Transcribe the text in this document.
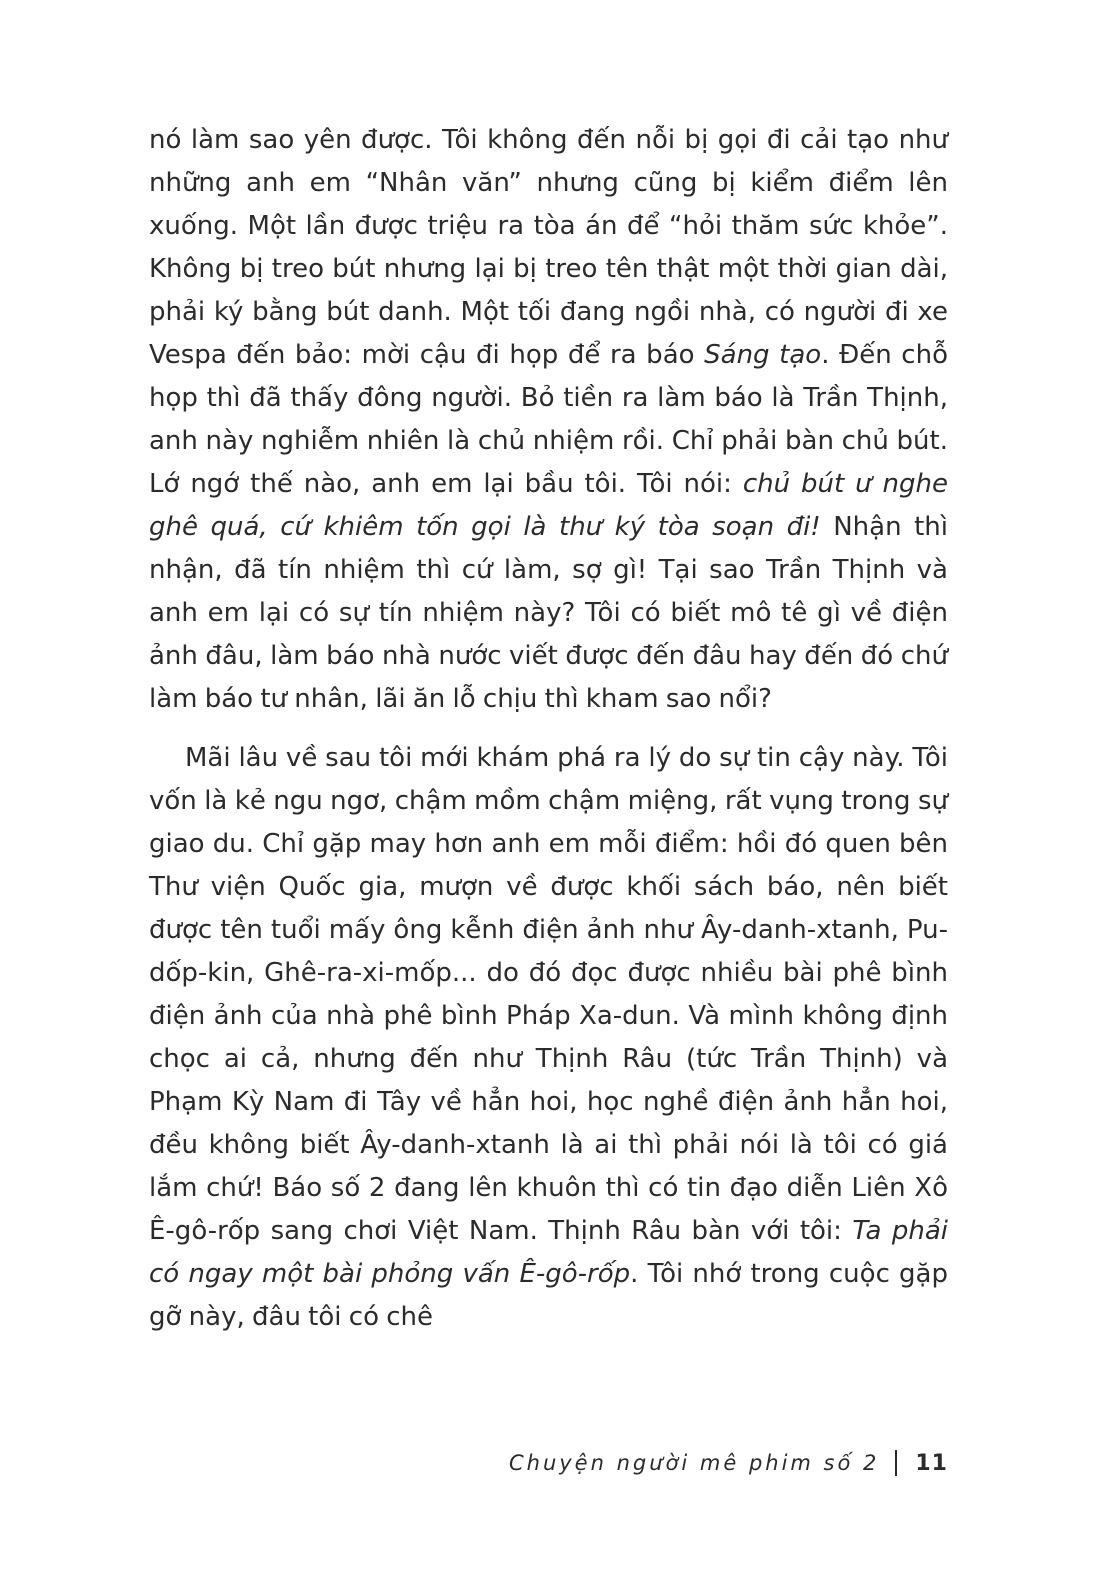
nó làm sao yên được. Tôi không đến nỗi bị gọi đi cải tạo như những anh em “Nhân văn” nhưng cũng bị kiểm điểm lên xuống. Một lần được triệu ra tòa án để “hỏi thăm sức khỏe”. Không bị treo bút nhưng lại bị treo tên thật một thời gian dài, phải ký bằng bút danh. Một tối đang ngồi nhà, có người đi xe Vespa đến bảo: mời cậu đi họp để ra báo Sáng tạo. Đến chỗ họp thì đã thấy đông người. Bỏ tiền ra làm báo là Trần Thịnh, anh này nghiễm nhiên là chủ nhiệm rồi. Chỉ phải bàn chủ bút. Lớ ngớ thế nào, anh em lại bầu tôi. Tôi nói: chủ bút ư nghe ghê quá, cứ khiêm tốn gọi là thư ký tòa soạn đi! Nhận thì nhận, đã tín nhiệm thì cứ làm, sợ gì! Tại sao Trần Thịnh và anh em lại có sự tín nhiệm này? Tôi có biết mô tê gì về điện ảnh đâu, làm báo nhà nước viết được đến đâu hay đến đó chứ làm báo tư nhân, lãi ăn lỗ chịu thì kham sao nổi?

Mãi lâu về sau tôi mới khám phá ra lý do sự tin cậy này. Tôi vốn là kẻ ngu ngơ, chậm mồm chậm miệng, rất vụng trong sự giao du. Chỉ gặp may hơn anh em mỗi điểm: hồi đó quen bên Thư viện Quốc gia, mượn về được khối sách báo, nên biết được tên tuổi mấy ông kễnh điện ảnh như Ây-danh-xtanh, Pu-dốp-kin, Ghê-ra-xi-mốp... do đó đọc được nhiều bài phê bình điện ảnh của nhà phê bình Pháp Xa-dun. Và mình không định chọc ai cả, nhưng đến như Thịnh Râu (tức Trần Thịnh) và Phạm Kỳ Nam đi Tây về hẳn hoi, học nghề điện ảnh hẳn hoi, đều không biết Ây-danh-xtanh là ai thì phải nói là tôi có giá lắm chứ! Báo số 2 đang lên khuôn thì có tin đạo diễn Liên Xô Ê-gô-rốp sang chơi Việt Nam. Thịnh Râu bàn với tôi: Ta phải có ngay một bài phỏng vấn Ê-gô-rốp. Tôi nhớ trong cuộc gặp gỡ này, đâu tôi có chê

Chuyện người mê phim số 2 11
